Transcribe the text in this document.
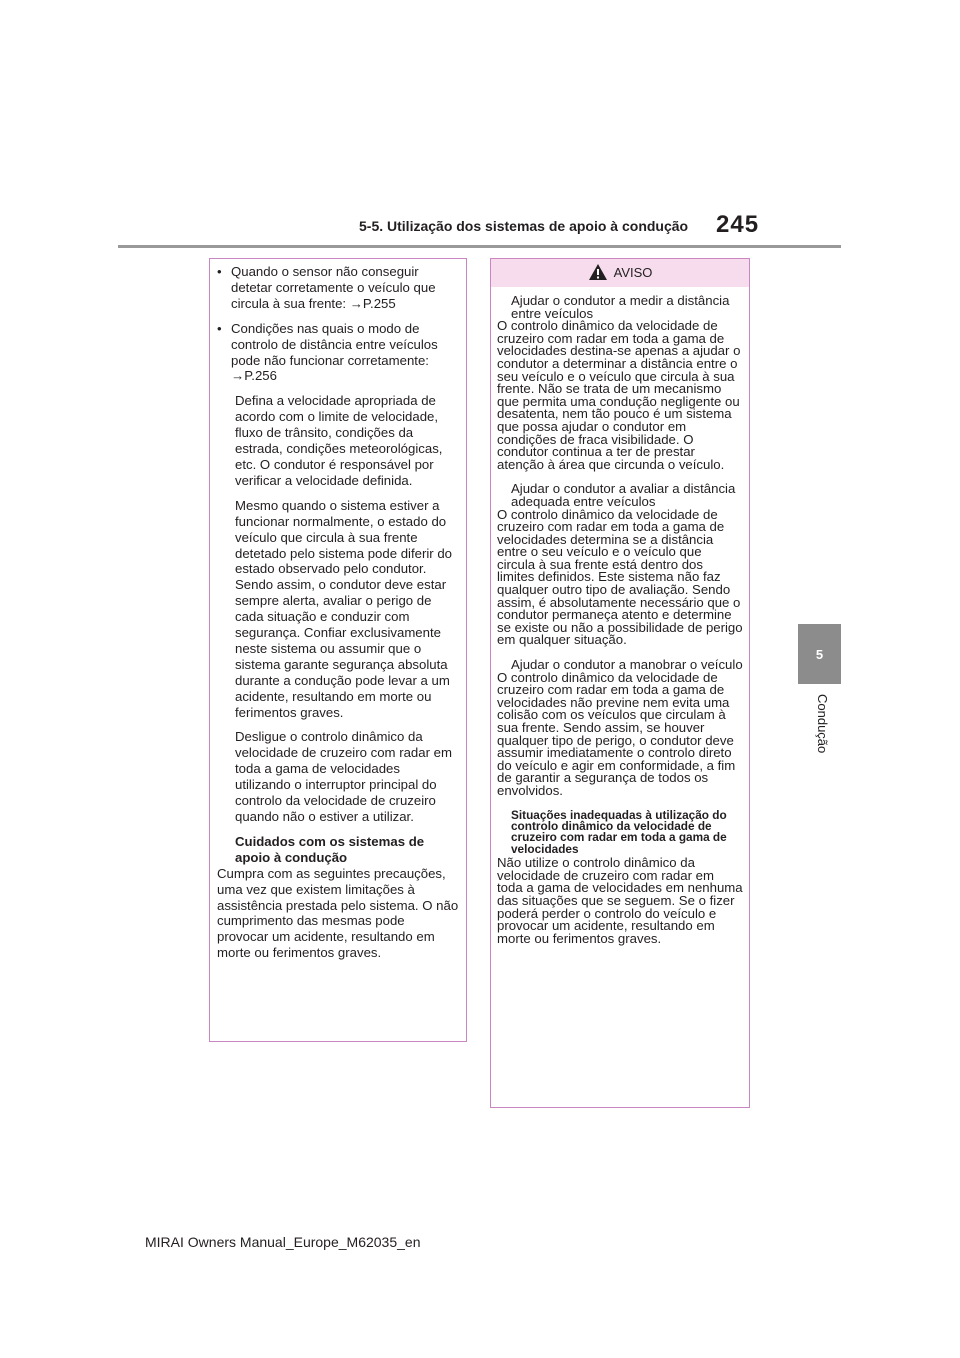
5-5. Utilização dos sistemas de apoio à condução 245
5
Condução
• Quando o sensor não conseguir detetar corretamente o veículo que circula à sua frente: →P.255
• Condições nas quais o modo de controlo de distância entre veículos pode não funcionar corretamente: →P.256
Defina a velocidade apropriada de acordo com o limite de velocidade, fluxo de trânsito, condições da estrada, condições meteorológicas, etc. O condutor é responsável por verificar a velocidade definida.
Mesmo quando o sistema estiver a funcionar normalmente, o estado do veículo que circula à sua frente detetado pelo sistema pode diferir do estado observado pelo condutor. Sendo assim, o condutor deve estar sempre alerta, avaliar o perigo de cada situação e conduzir com segurança. Confiar exclusivamente neste sistema ou assumir que o sistema garante segurança absoluta durante a condução pode levar a um acidente, resultando em morte ou ferimentos graves.
Desligue o controlo dinâmico da velocidade de cruzeiro com radar em toda a gama de velocidades utilizando o interruptor principal do controlo da velocidade de cruzeiro quando não o estiver a utilizar.
Cuidados com os sistemas de apoio à condução
Cumpra com as seguintes precauções, uma vez que existem limitações à assistência prestada pelo sistema. O não cumprimento das mesmas pode provocar um acidente, resultando em morte ou ferimentos graves.
AVISO
Ajudar o condutor a medir a distância entre veículos
O controlo dinâmico da velocidade de cruzeiro com radar em toda a gama de velocidades destina-se apenas a ajudar o condutor a determinar a distância entre o seu veículo e o veículo que circula à sua frente. Não se trata de um mecanismo que permita uma condução negligente ou desatenta, nem tão pouco é um sistema que possa ajudar o condutor em condições de fraca visibilidade. O condutor continua a ter de prestar atenção à área que circunda o veículo.
Ajudar o condutor a avaliar a distância adequada entre veículos
O controlo dinâmico da velocidade de cruzeiro com radar em toda a gama de velocidades determina se a distância entre o seu veículo e o veículo que circula à sua frente está dentro dos limites definidos. Este sistema não faz qualquer outro tipo de avaliação. Sendo assim, é absolutamente necessário que o condutor permaneça atento e determine se existe ou não a possibilidade de perigo em qualquer situação.
Ajudar o condutor a manobrar o veículo
O controlo dinâmico da velocidade de cruzeiro com radar em toda a gama de velocidades não previne nem evita uma colisão com os veículos que circulam à sua frente. Sendo assim, se houver qualquer tipo de perigo, o condutor deve assumir imediatamente o controlo direto do veículo e agir em conformidade, a fim de garantir a segurança de todos os envolvidos.
Situações inadequadas à utilização do controlo dinâmico da velocidade de cruzeiro com radar em toda a gama de velocidades
Não utilize o controlo dinâmico da velocidade de cruzeiro com radar em toda a gama de velocidades em nenhuma das situações que se seguem. Se o fizer poderá perder o controlo do veículo e provocar um acidente, resultando em morte ou ferimentos graves.
MIRAI Owners Manual_Europe_M62035_en
